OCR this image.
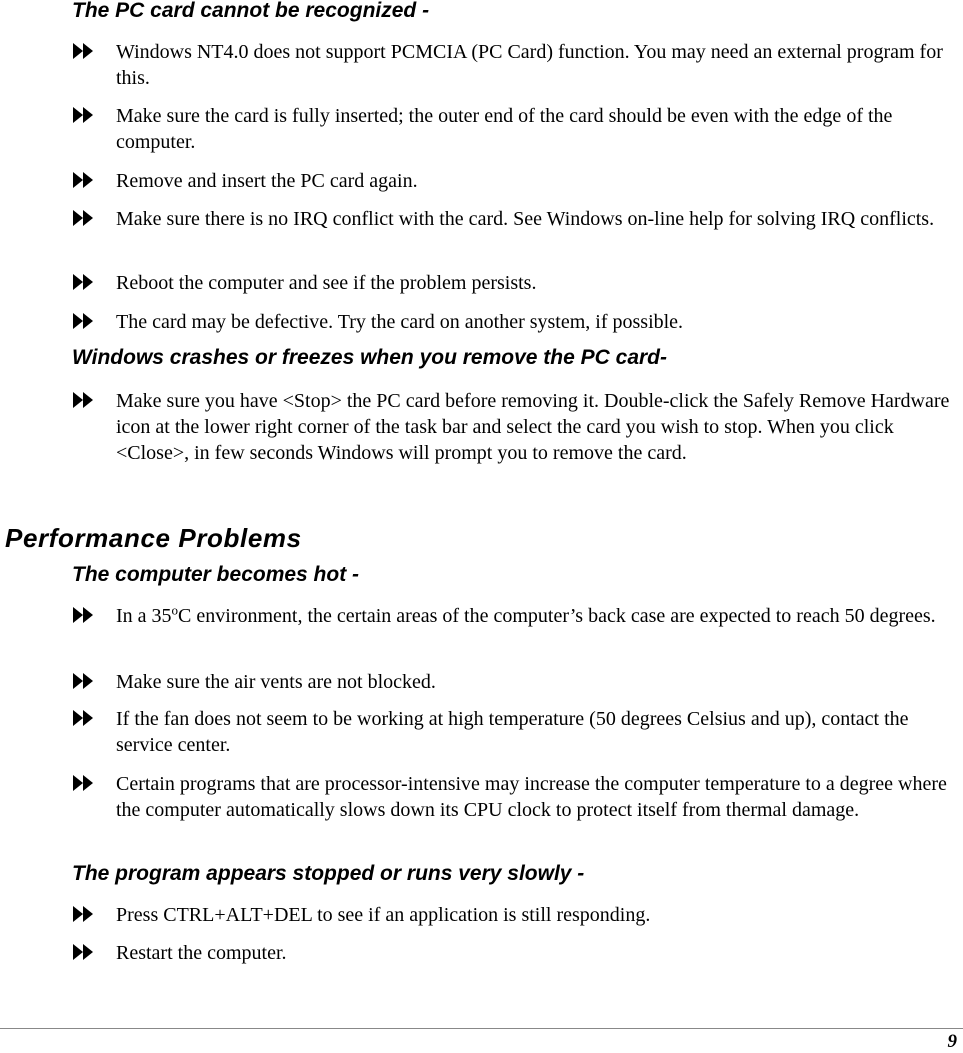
The PC card cannot be recognized -
Windows NT4.0 does not support PCMCIA (PC Card) function. You may need an external program for this.
Make sure the card is fully inserted; the outer end of the card should be even with the edge of the computer.
Remove and insert the PC card again.
Make sure there is no IRQ conflict with the card. See Windows on-line help for solving IRQ conflicts.
Reboot the computer and see if the problem persists.
The card may be defective. Try the card on another system, if possible.
Windows crashes or freezes when you remove the PC card-
Make sure you have <Stop> the PC card before removing it. Double-click the Safely Remove Hardware icon at the lower right corner of the task bar and select the card you wish to stop. When you click <Close>, in few seconds Windows will prompt you to remove the card.
Performance Problems
The computer becomes hot -
In a 35$^o$C environment, the certain areas of the computer’s back case are expected to reach 50 degrees.
Make sure the air vents are not blocked.
If the fan does not seem to be working at high temperature (50 degrees Celsius and up), contact the service center.
Certain programs that are processor-intensive may increase the computer temperature to a degree where the computer automatically slows down its CPU clock to protect itself from thermal damage.
The program appears stopped or runs very slowly -
Press CTRL+ALT+DEL to see if an application is still responding.
Restart the computer.
9
